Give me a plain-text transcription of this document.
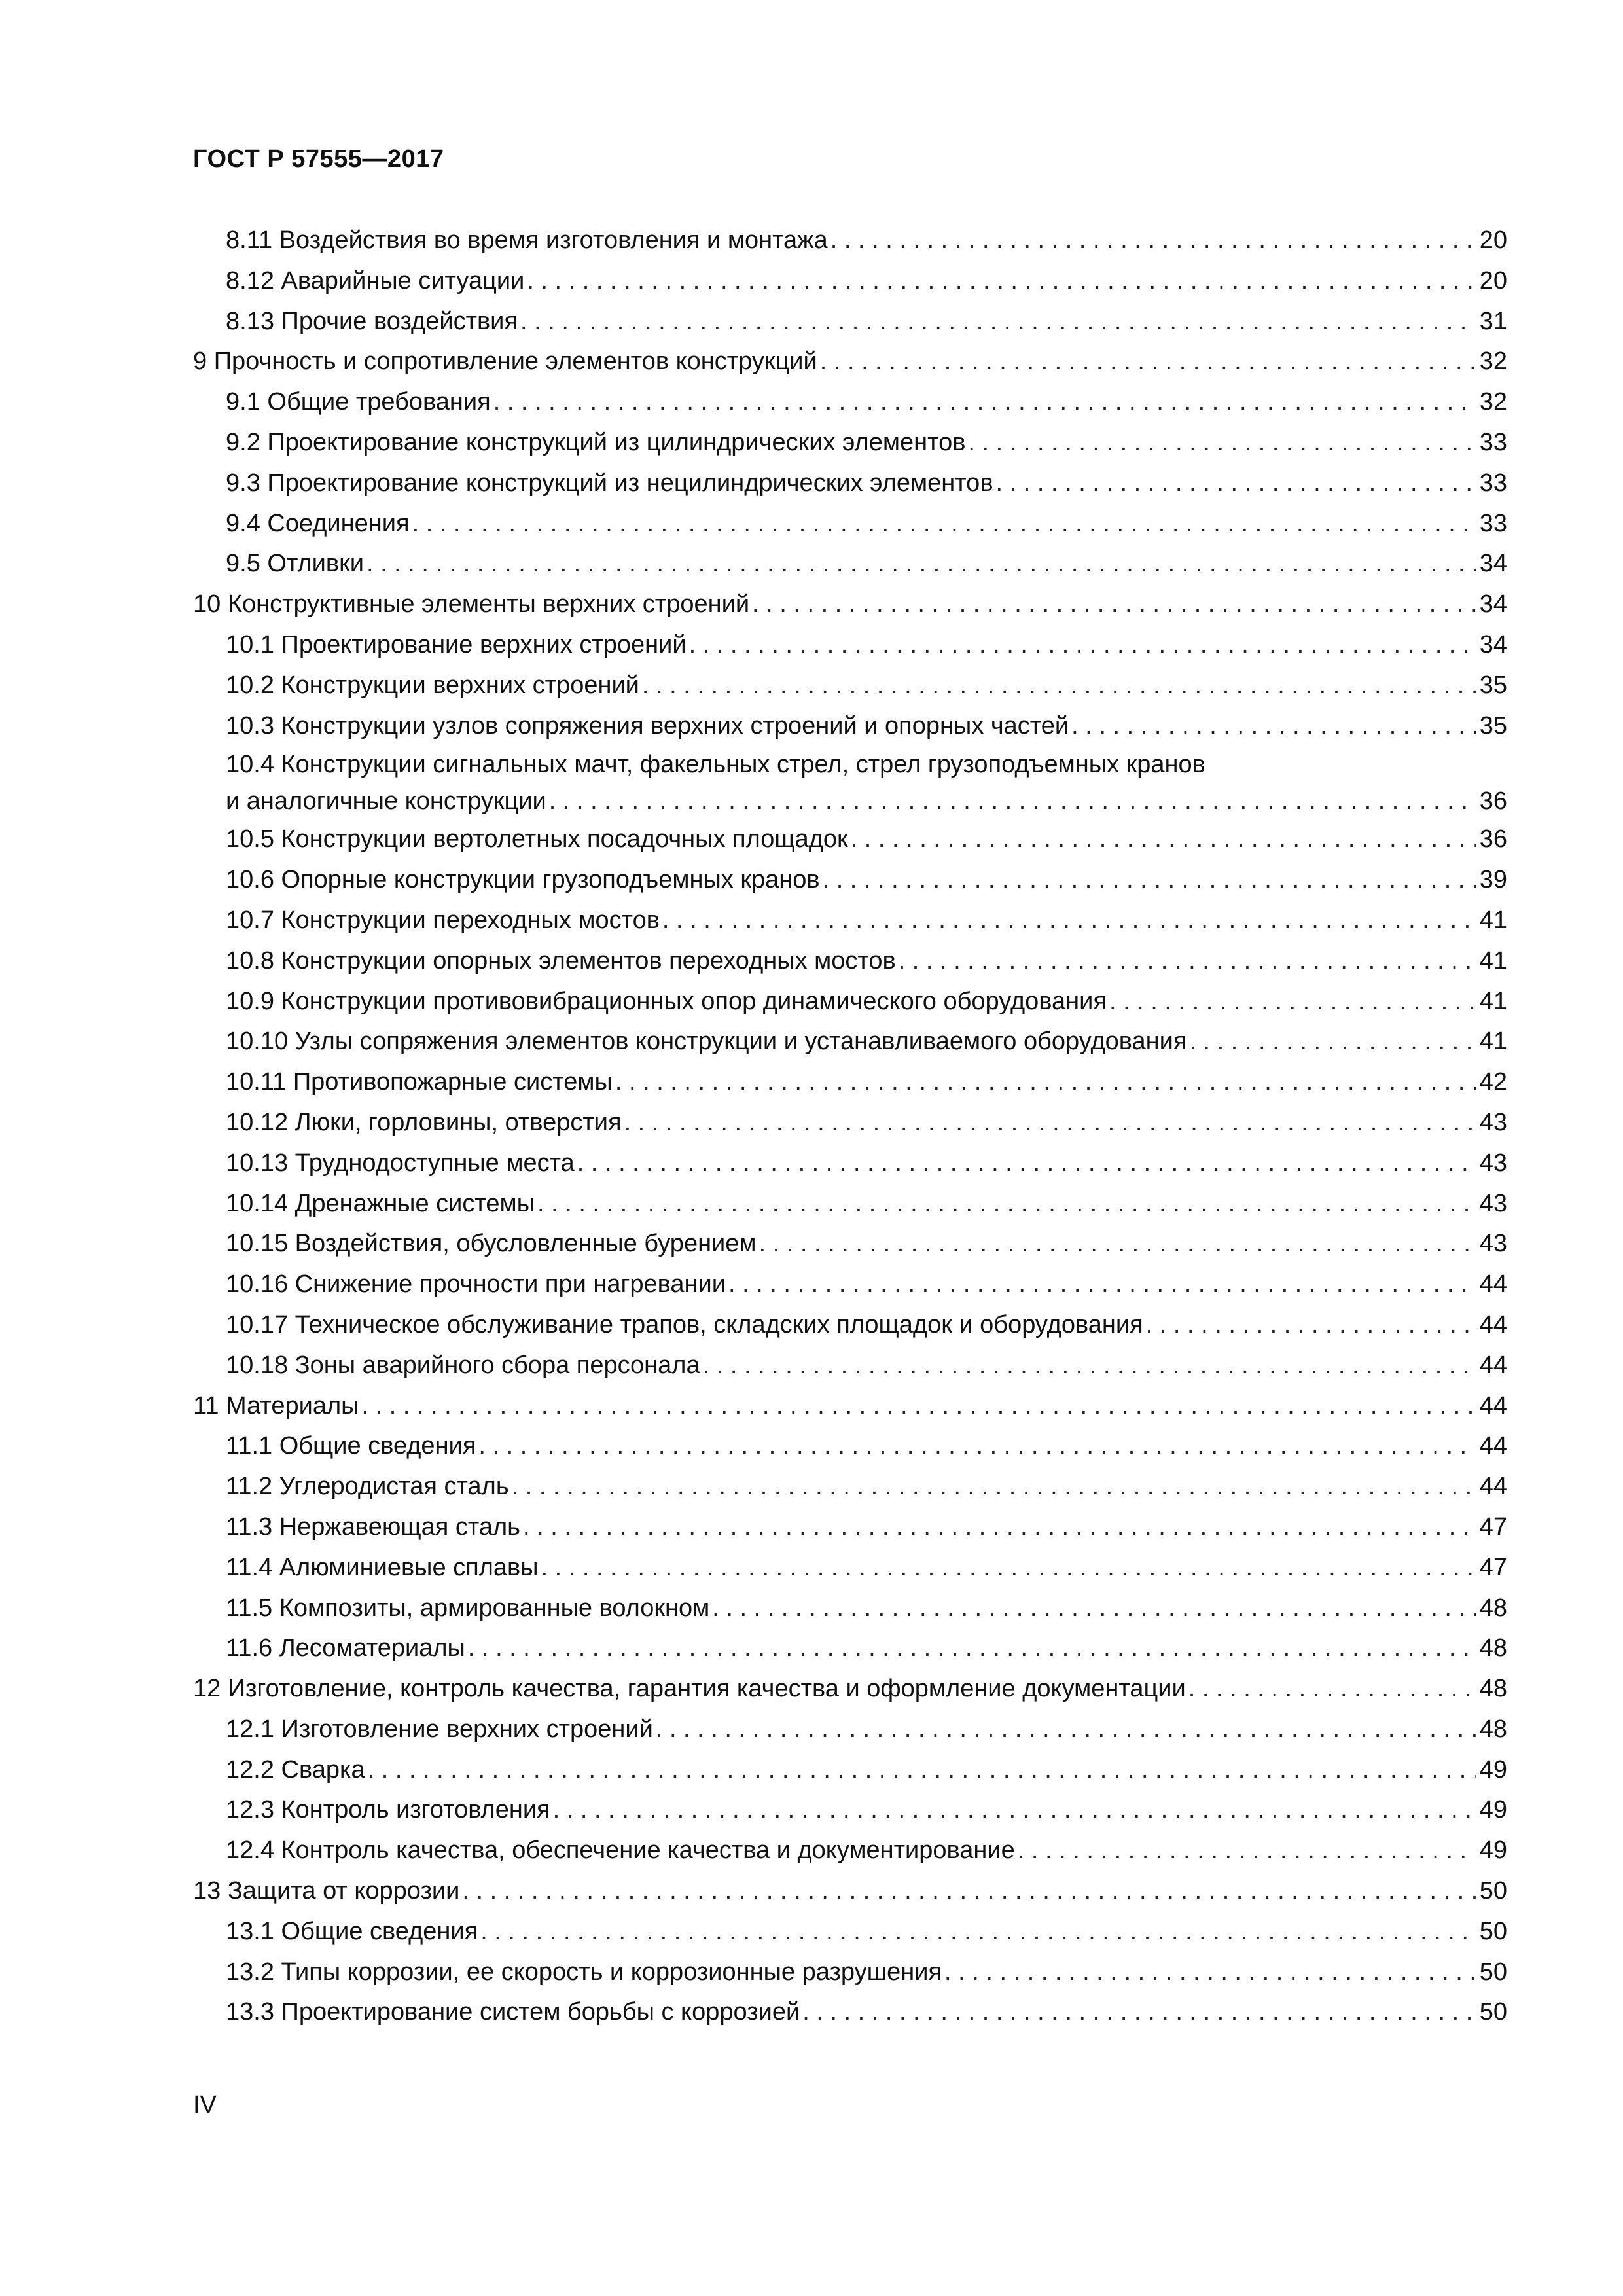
ГОСТ Р 57555—2017
8.11 Воздействия во время изготовления и монтажа . . .	20
8.12 Аварийные ситуации . . .	20
8.13 Прочие воздействия . . .	31
9 Прочность и сопротивление элементов конструкций . . .	32
9.1 Общие требования . . .	32
9.2 Проектирование конструкций из цилиндрических элементов . . .	33
9.3 Проектирование конструкций из нецилиндрических элементов . . .	33
9.4 Соединения . . .	33
9.5 Отливки . . .	34
10 Конструктивные элементы верхних строений . . .	34
10.1 Проектирование верхних строений . . .	34
10.2 Конструкции верхних строений . . .	35
10.3 Конструкции узлов сопряжения верхних строений и опорных частей . . .	35
10.4 Конструкции сигнальных мачт, факельных стрел, стрел грузоподъемных кранов
и аналогичные конструкции . . .	36
10.5 Конструкции вертолетных посадочных площадок . . .	36
10.6 Опорные конструкции грузоподъемных кранов . . .	39
10.7 Конструкции переходных мостов . . .	41
10.8 Конструкции опорных элементов переходных мостов . . .	41
10.9 Конструкции противовибрационных опор динамического оборудования . . .	41
10.10 Узлы сопряжения элементов конструкции и устанавливаемого оборудования . . .	41
10.11 Противопожарные системы . . .	42
10.12 Люки, горловины, отверстия . . .	43
10.13 Труднодоступные места . . .	43
10.14 Дренажные системы . . .	43
10.15 Воздействия, обусловленные бурением . . .	43
10.16 Снижение прочности при нагревании . . .	44
10.17 Техническое обслуживание трапов, складских площадок и оборудования . . .	44
10.18 Зоны аварийного сбора персонала . . .	44
11 Материалы . . .	44
11.1 Общие сведения . . .	44
11.2 Углеродистая сталь . . .	44
11.3 Нержавеющая сталь . . .	47
11.4 Алюминиевые сплавы . . .	47
11.5 Композиты, армированные волокном . . .	48
11.6 Лесоматериалы . . .	48
12 Изготовление, контроль качества, гарантия качества и оформление документации . . .	48
12.1 Изготовление верхних строений . . .	48
12.2 Сварка . . .	49
12.3 Контроль изготовления . . .	49
12.4 Контроль качества, обеспечение качества и документирование . . .	49
13 Защита от коррозии . . .	50
13.1 Общие сведения . . .	50
13.2 Типы коррозии, ее скорость и коррозионные разрушения . . .	50
13.3 Проектирование систем борьбы с коррозией . . .	50
IV
